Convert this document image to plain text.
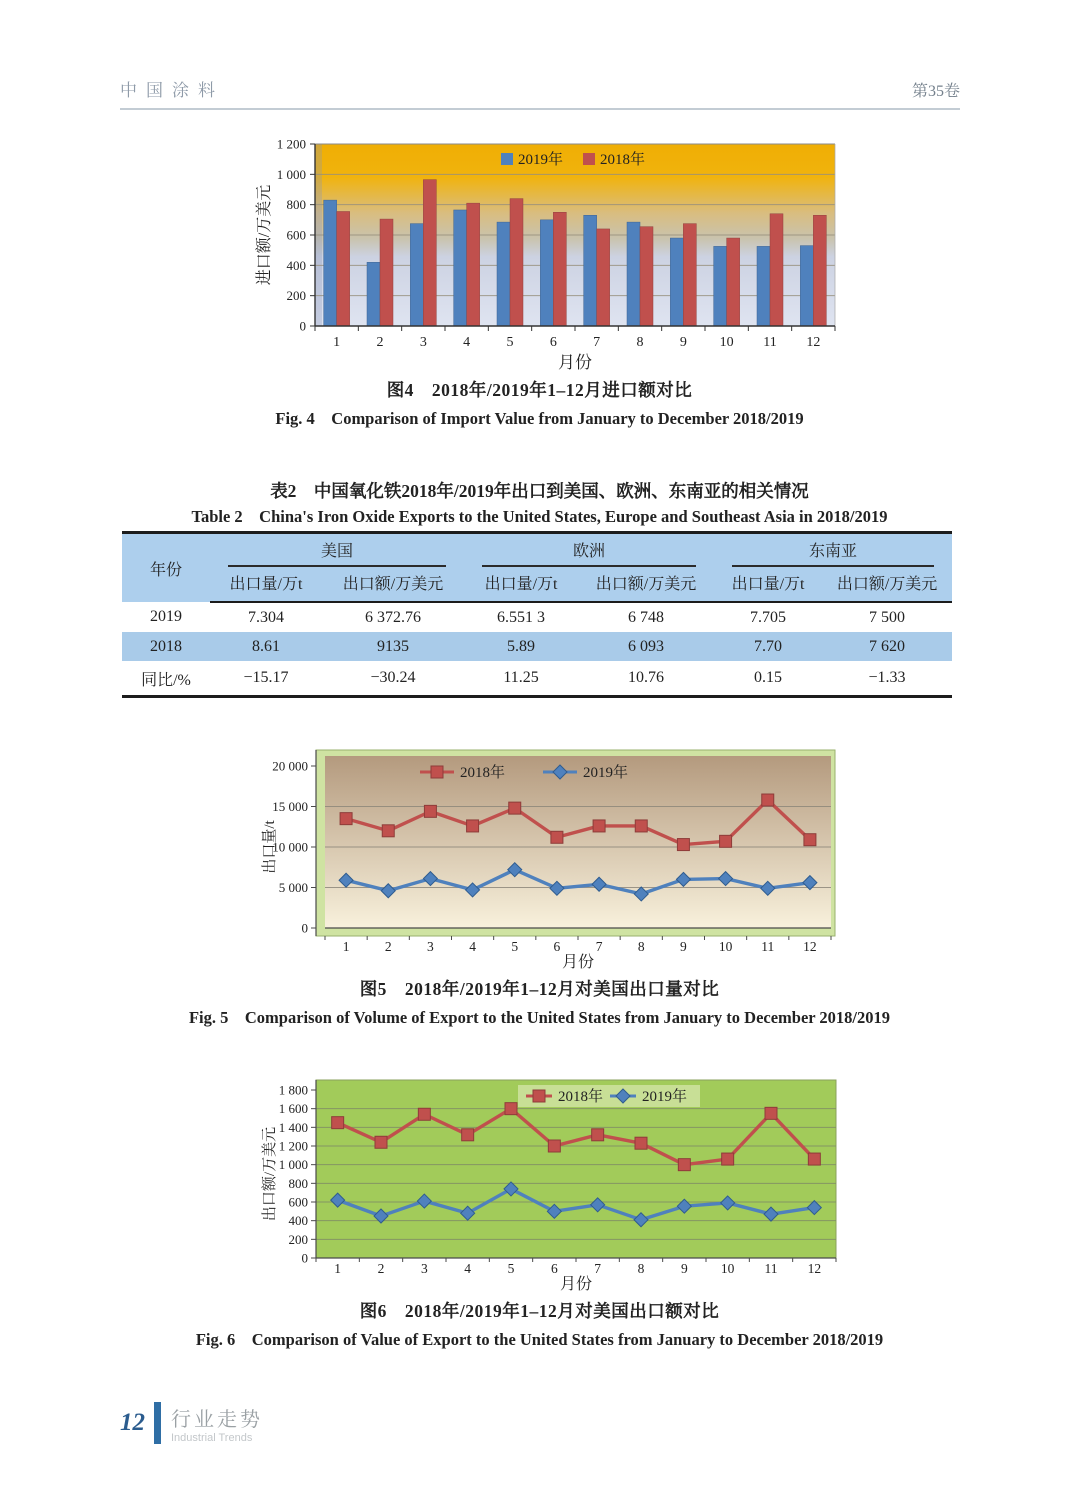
中国涂料	第35卷
0
200
400
600
800
1 000
1 200
1	2	3	4	5	6	7	8	9 10 11 12
月份
进口额/万美元
2019年 2018年
图4　2018年/2019年1–12月进口额对比
Fig. 4　Comparison of Import Value from January to December 2018/2019
表2　中国氧化铁2018年/2019年出口到美国、欧洲、东南亚的相关情况
Table 2　China's Iron Oxide Exports to the United States, Europe and Southeast Asia in 2018/2019
年份	美国		欧洲		东南亚	

	出口量/万t	出口额/万美元	出口量/万t	出口额/万美元	出口量/万t	出口额/万美元
2019	7.304	6 372.76	6.551 3	6 748	7.705	7 500
2018	8.61	9135	5.89	6 093	7.70	7 620
同比/%	−15.17	−30.24	11.25	10.76	0.15	−1.33
0
5 000
10 000
15 000
20 000
1	2	3	4	5	6	7	8	9 10 11 12
月份
出口量/t
2018年	2019年
图5　2018年/2019年1–12月对美国出口量对比
Fig. 5　Comparison of Volume of Export to the United States from January to December 2018/2019
0
200
400
600
800
1 000
1 200
1 400
1 600
1 800
1	2	3	4	5	6	7	8	9 10 11 12
月份
出口额/万美元
2018年	2019年
图6　2018年/2019年1–12月对美国出口额对比
Fig. 6　Comparison of Value of Export to the United States from January to December 2018/2019
12 行业走势
Industrial Trends
